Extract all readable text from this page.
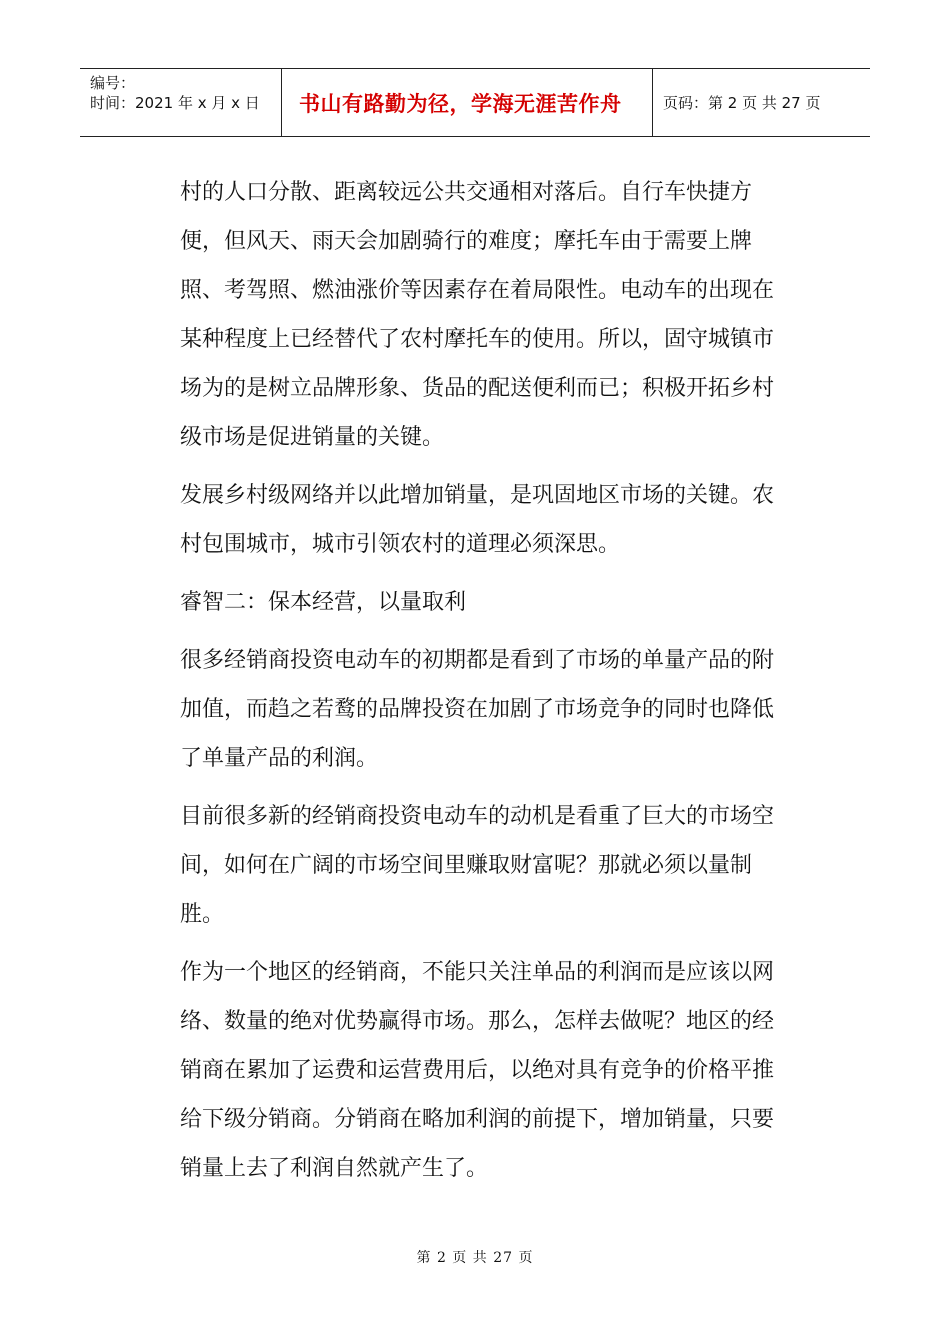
编号：
时间：2021 年 x 月 x 日	书山有路勤为径，学海无涯苦作舟	页码：第 2 页 共 27 页

村的人口分散、距离较远公共交通相对落后。自行车快捷方便，但风天、雨天会加剧骑行的难度；摩托车由于需要上牌照、考驾照、燃油涨价等因素存在着局限性。电动车的出现在某种程度上已经替代了农村摩托车的使用。所以，固守城镇市场为的是树立品牌形象、货品的配送便利而已；积极开拓乡村级市场是促进销量的关键。

发展乡村级网络并以此增加销量，是巩固地区市场的关键。农村包围城市，城市引领农村的道理必须深思。

睿智二：保本经营，以量取利

很多经销商投资电动车的初期都是看到了市场的单量产品的附加值，而趋之若鹜的品牌投资在加剧了市场竞争的同时也降低了单量产品的利润。

目前很多新的经销商投资电动车的动机是看重了巨大的市场空间，如何在广阔的市场空间里赚取财富呢？那就必须以量制胜。

作为一个地区的经销商，不能只关注单品的利润而是应该以网络、数量的绝对优势赢得市场。那么，怎样去做呢？地区的经销商在累加了运费和运营费用后，以绝对具有竞争的价格平推给下级分销商。分销商在略加利润的前提下，增加销量，只要销量上去了利润自然就产生了。

第 2 页 共 27 页
